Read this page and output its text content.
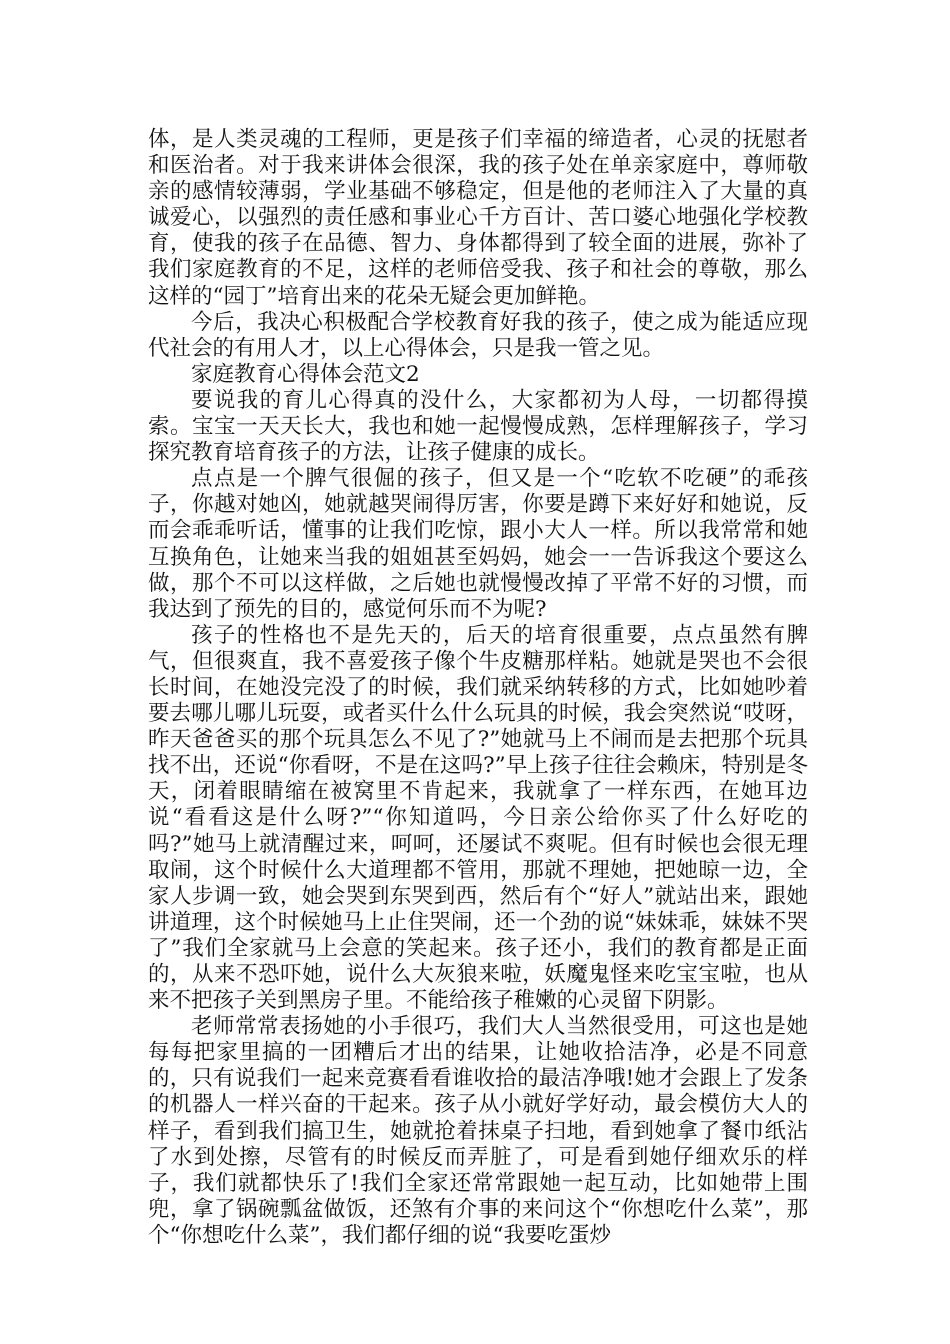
体，是人类灵魂的工程师，更是孩子们幸福的缔造者，心灵的抚慰者和医治者。对于我来讲体会很深，我的孩子处在单亲家庭中，尊师敬亲的感情较薄弱，学业基础不够稳定，但是他的老师注入了大量的真诚爱心，以强烈的责任感和事业心千方百计、苦口婆心地强化学校教育，使我的孩子在品德、智力、身体都得到了较全面的进展，弥补了我们家庭教育的不足，这样的老师倍受我、孩子和社会的尊敬，那么这样的“园丁”培育出来的花朵无疑会更加鲜艳。

今后，我决心积极配合学校教育好我的孩子，使之成为能适应现代社会的有用人才，以上心得体会，只是我一管之见。

家庭教育心得体会范文2

要说我的育儿心得真的没什么，大家都初为人母，一切都得摸索。宝宝一天天长大，我也和她一起慢慢成熟，怎样理解孩子，学习探究教育培育孩子的方法，让孩子健康的成长。

点点是一个脾气很倔的孩子，但又是一个“吃软不吃硬”的乖孩子，你越对她凶，她就越哭闹得厉害，你要是蹲下来好好和她说，反而会乖乖听话，懂事的让我们吃惊，跟小大人一样。所以我常常和她互换角色，让她来当我的姐姐甚至妈妈，她会一一告诉我这个要这么做，那个不可以这样做，之后她也就慢慢改掉了平常不好的习惯，而我达到了预先的目的，感觉何乐而不为呢?

孩子的性格也不是先天的，后天的培育很重要，点点虽然有脾气，但很爽直，我不喜爱孩子像个牛皮糖那样粘。她就是哭也不会很长时间，在她没完没了的时候，我们就采纳转移的方式，比如她吵着要去哪儿哪儿玩耍，或者买什么什么玩具的时候，我会突然说“哎呀，昨天爸爸买的那个玩具怎么不见了?”她就马上不闹而是去把那个玩具找不出，还说“你看呀，不是在这吗?”早上孩子往往会赖床，特别是冬天，闭着眼睛缩在被窝里不肯起来，我就拿了一样东西，在她耳边说“看看这是什么呀?”“你知道吗，今日亲公给你买了什么好吃的吗?”她马上就清醒过来，呵呵，还屡试不爽呢。但有时候也会很无理取闹，这个时候什么大道理都不管用，那就不理她，把她晾一边，全家人步调一致，她会哭到东哭到西，然后有个“好人”就站出来，跟她讲道理，这个时候她马上止住哭闹，还一个劲的说“妹妹乖，妹妹不哭了”我们全家就马上会意的笑起来。孩子还小，我们的教育都是正面的，从来不恐吓她，说什么大灰狼来啦，妖魔鬼怪来吃宝宝啦，也从来不把孩子关到黑房子里。不能给孩子稚嫩的心灵留下阴影。

老师常常表扬她的小手很巧，我们大人当然很受用，可这也是她每每把家里搞的一团糟后才出的结果，让她收拾洁净，必是不同意的，只有说我们一起来竞赛看看谁收拾的最洁净哦!她才会跟上了发条的机器人一样兴奋的干起来。孩子从小就好学好动，最会模仿大人的样子，看到我们搞卫生，她就抢着抹桌子扫地，看到她拿了餐巾纸沾了水到处擦，尽管有的时候反而弄脏了，可是看到她仔细欢乐的样子，我们就都快乐了!我们全家还常常跟她一起互动，比如她带上围兜，拿了锅碗瓢盆做饭，还煞有介事的来问这个“你想吃什么菜”，那个“你想吃什么菜”，我们都仔细的说“我要吃蛋炒
